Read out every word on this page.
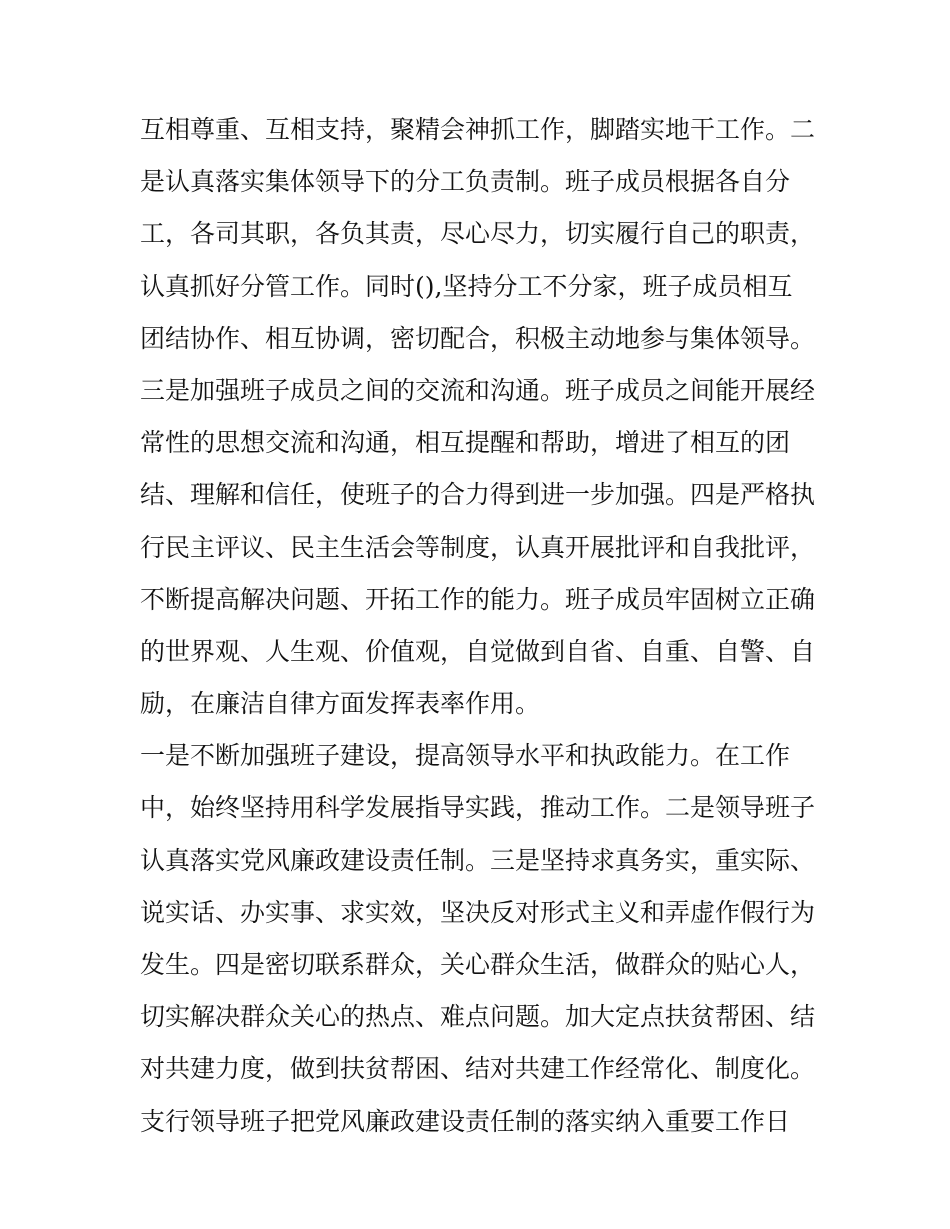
互相尊重、互相支持，聚精会神抓工作，脚踏实地干工作。二
是认真落实集体领导下的分工负责制。班子成员根据各自分
工，各司其职，各负其责，尽心尽力，切实履行自己的职责，
认真抓好分管工作。同时(),坚持分工不分家，班子成员相互
团结协作、相互协调，密切配合，积极主动地参与集体领导。
三是加强班子成员之间的交流和沟通。班子成员之间能开展经
常性的思想交流和沟通，相互提醒和帮助，增进了相互的团
结、理解和信任，使班子的合力得到进一步加强。四是严格执
行民主评议、民主生活会等制度，认真开展批评和自我批评，
不断提高解决问题、开拓工作的能力。班子成员牢固树立正确
的世界观、人生观、价值观，自觉做到自省、自重、自警、自
励，在廉洁自律方面发挥表率作用。
一是不断加强班子建设，提高领导水平和执政能力。在工作
中，始终坚持用科学发展指导实践，推动工作。二是领导班子
认真落实党风廉政建设责任制。三是坚持求真务实，重实际、
说实话、办实事、求实效，坚决反对形式主义和弄虚作假行为
发生。四是密切联系群众，关心群众生活，做群众的贴心人，
切实解决群众关心的热点、难点问题。加大定点扶贫帮困、结
对共建力度，做到扶贫帮困、结对共建工作经常化、制度化。
支行领导班子把党风廉政建设责任制的落实纳入重要工作日
